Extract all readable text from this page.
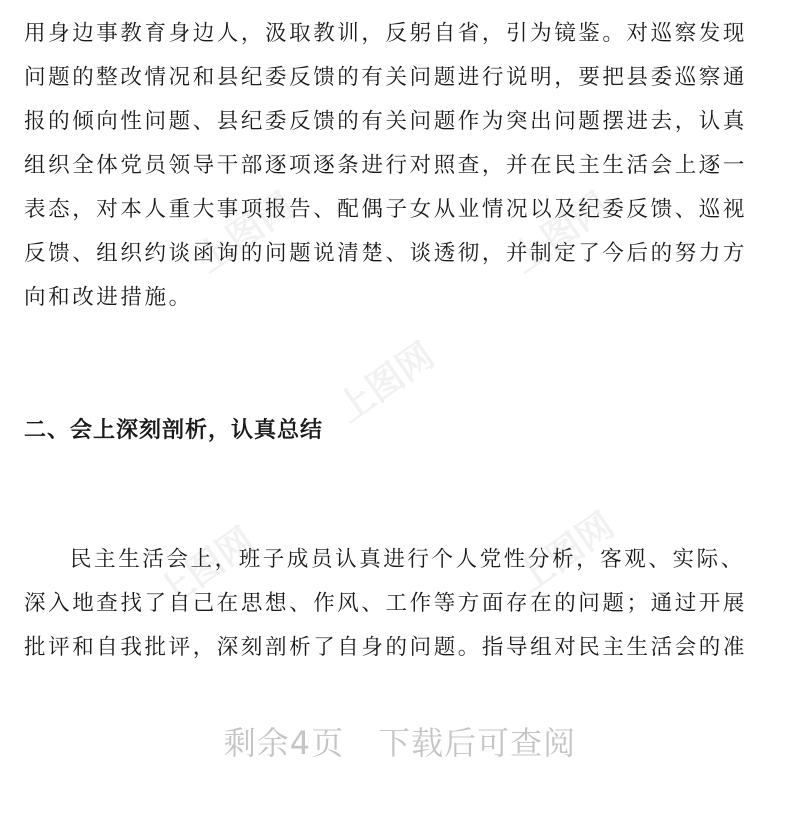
上图网	上图网
上图网
上图网	上图网
用身边事教育身边人，汲取教训，反躬自省，引为镜鉴。对巡察发现
问题的整改情况和县纪委反馈的有关问题进行说明，要把县委巡察通
报的倾向性问题、县纪委反馈的有关问题作为突出问题摆进去，认真
组织全体党员领导干部逐项逐条进行对照查，并在民主生活会上逐一
表态，对本人重大事项报告、配偶子女从业情况以及纪委反馈、巡视
反馈、组织约谈函询的问题说清楚、谈透彻，并制定了今后的努力方
向和改进措施。
二、会上深刻剖析，认真总结
民主生活会上，班子成员认真进行个人党性分析，客观、实际、
深入地查找了自己在思想、作风、工作等方面存在的问题；通过开展
批评和自我批评，深刻剖析了自身的问题。指导组对民主生活会的准
剩余4页 下载后可查阅
